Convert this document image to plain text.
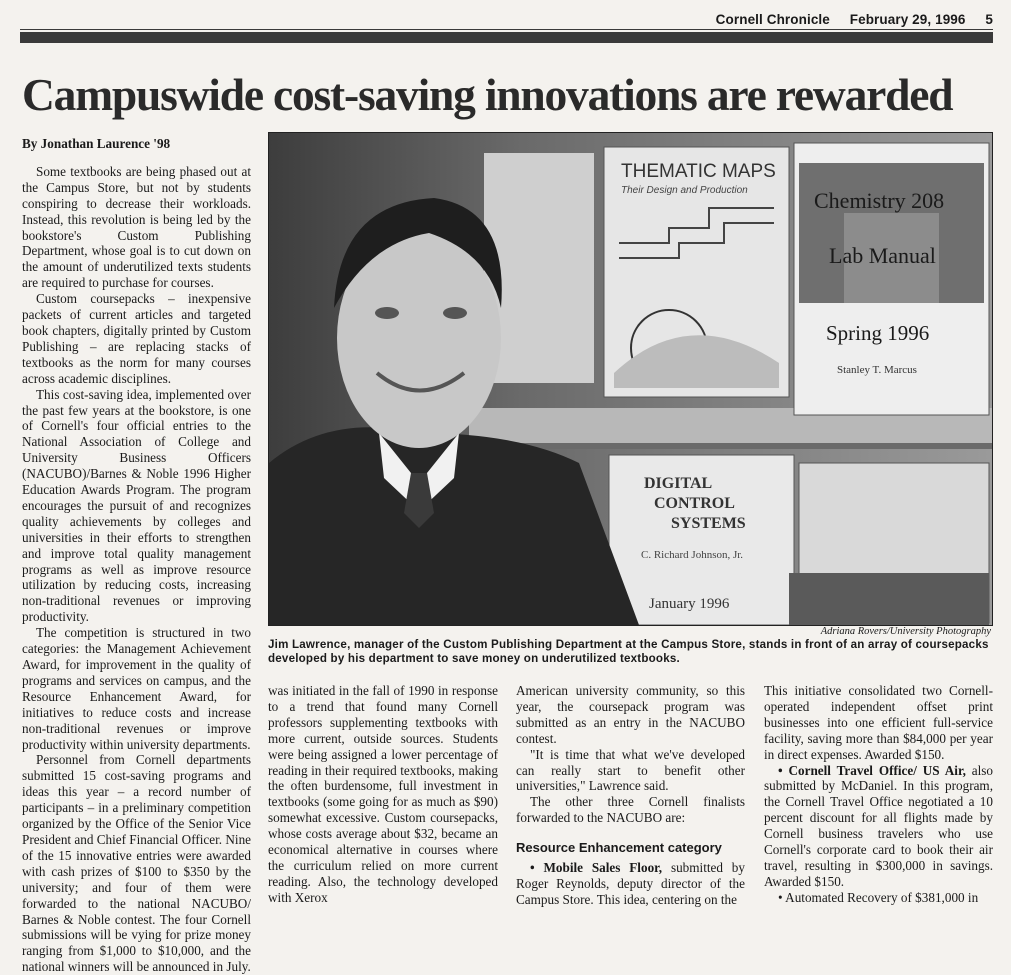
Cornell Chronicle February 29, 1996 5
Campuswide cost-saving innovations are rewarded

By Jonathan Laurence '98

Some textbooks are being phased out at the Campus Store, but not by students conspiring to decrease their workloads. Instead, this revolution is being led by the bookstore's Custom Publishing Department, whose goal is to cut down on the amount of underutilized texts students are required to purchase for courses.

Custom coursepacks – inexpensive packets of current articles and targeted book chapters, digitally printed by Custom Publishing – are replacing stacks of textbooks as the norm for many courses across academic disciplines.

This cost-saving idea, implemented over the past few years at the bookstore, is one of Cornell's four official entries to the National Association of College and University Business Officers (NACUBO)/Barnes & Noble 1996 Higher Education Awards Program. The program encourages the pursuit of and recognizes quality achievements by colleges and universities in their efforts to strengthen and improve total quality management programs as well as improve resource utilization by reducing costs, increasing non-traditional revenues or improving productivity.

The competition is structured in two categories: the Management Achievement Award, for improvement in the quality of programs and services on campus, and the Resource Enhancement Award, for initiatives to reduce costs and increase non-traditional revenues or improve productivity within university departments.

Personnel from Cornell departments submitted 15 cost-saving programs and ideas this year – a record number of participants – in a preliminary competition organized by the Office of the Senior Vice President and Chief Financial Officer. Nine of the 15 innovative entries were awarded with cash prizes of $100 to $350 by the university; and four of them were forwarded to the national NACUBO/ Barnes & Noble contest. The four Cornell submissions will be vying for prize money ranging from $1,000 to $10,000, and the national winners will be announced in July.

THEMATIC MAPS
Their Design and Production	Chemistry 208
Lab Manual
Spring 1996
Stanley T. Marcus
DIGITAL
CONTROL
SYSTEMS
C. Richard Johnson, Jr.
January 1996
Adriana Rovers/University Photography
Jim Lawrence, manager of the Custom Publishing Department at the Campus Store, stands in front of an array of coursepacks developed by his department to save money on underutilized textbooks.

was initiated in the fall of 1990 in response to a trend that found many Cornell professors supplementing textbooks with more current, outside sources. Students were being assigned a lower percentage of reading in their required textbooks, making the often burdensome, full investment in textbooks (some going for as much as $90) somewhat excessive. Custom coursepacks, whose costs average about $32, became an economical alternative in courses where the curriculum relied on more current reading. Also, the technology developed with Xerox

American university community, so this year, the coursepack program was submitted as an entry in the NACUBO contest.

"It is time that what we've developed can really start to benefit other universities," Lawrence said.

The other three Cornell finalists forwarded to the NACUBO are:

Resource Enhancement category

• Mobile Sales Floor, submitted by Roger Reynolds, deputy director of the Campus Store. This idea, centering on the

This initiative consolidated two Cornell-operated independent offset print businesses into one efficient full-service facility, saving more than $84,000 per year in direct expenses. Awarded $150.

• Cornell Travel Office/ US Air, also submitted by McDaniel. In this program, the Cornell Travel Office negotiated a 10 percent discount for all flights made by Cornell business travelers who use Cornell's corporate card to book their air travel, resulting in $300,000 in savings. Awarded $150.

• Automated Recovery of $381,000 in
